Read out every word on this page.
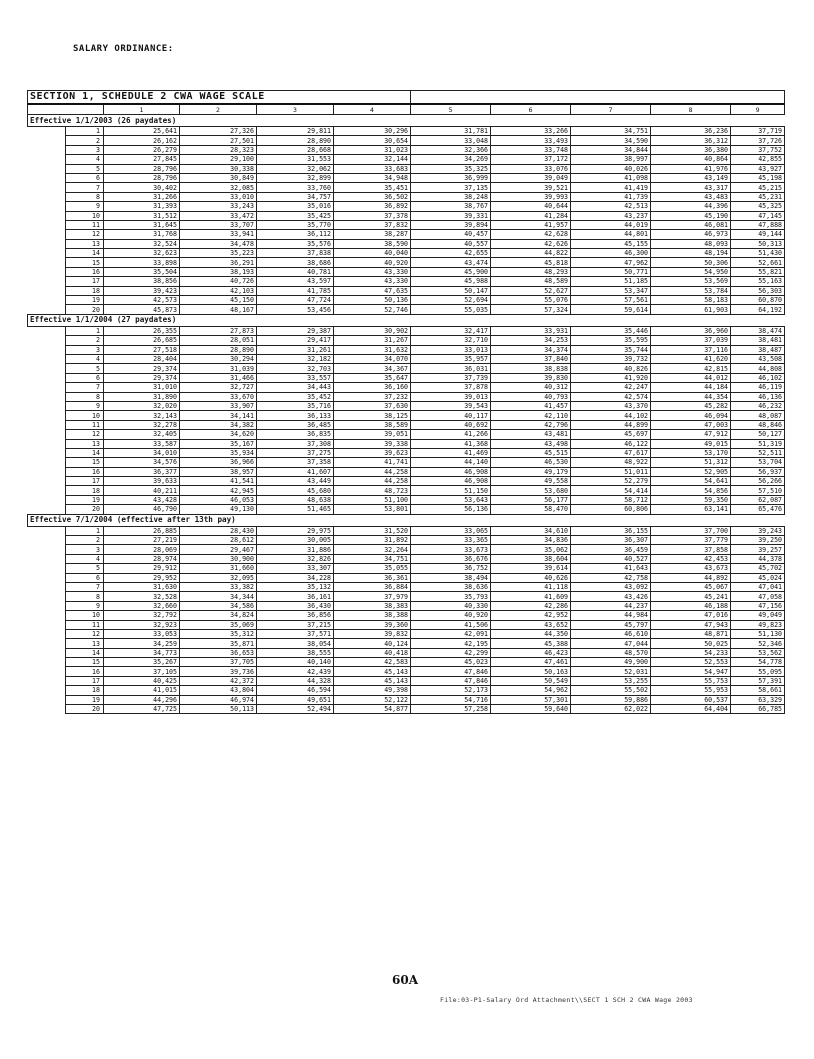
SALARY ORDINANCE:
SECTION 1, SCHEDULE 2 CWA WAGE SCALE										
		1	2	3	4	5	6	7	8	9
Effective 1/1/2003 (26 paydates)										
	1	25,641	27,326	29,811	30,296	31,781	33,266	34,751	36,236	37,719
	2	26,162	27,501	28,890	30,654	33,048	33,493	34,590	36,312	37,726
	3	26,279	28,323	28,668	31,023	32,366	33,748	34,844	36,380	37,752
	4	27,845	29,100	31,553	32,144	34,269	37,172	38,997	40,864	42,855
	5	28,796	30,338	32,062	33,683	35,325	33,076	40,026	41,976	43,927
	6	28,796	30,849	32,899	34,948	36,999	39,049	41,098	43,149	45,198
	7	30,402	32,085	33,760	35,451	37,135	39,521	41,419	43,317	45,215
	8	31,266	33,010	34,757	36,502	38,248	39,993	41,739	43,483	45,231
	9	31,393	33,243	35,016	36,892	38,767	40,644	42,513	44,396	45,325
	10	31,512	33,472	35,425	37,378	39,331	41,284	43,237	45,190	47,145
	11	31,645	33,707	35,770	37,832	39,894	41,957	44,019	46,081	47,888
	12	31,768	33,941	36,112	38,287	40,457	42,628	44,801	46,973	49,144
	13	32,524	34,478	35,576	38,590	40,557	42,626	45,155	48,093	50,313
	14	32,623	35,223	37,838	40,040	42,655	44,822	46,300	48,194	51,430
	15	33,898	36,291	38,686	40,920	43,474	45,818	47,962	50,306	52,661
	16	35,504	38,193	40,781	43,330	45,900	48,293	50,771	54,950	55,821
	17	38,856	40,726	43,597	43,330	45,988	48,589	51,185	53,569	55,163
	18	39,423	42,103	41,785	47,635	50,147	52,627	53,347	53,784	56,303
	19	42,573	45,150	47,724	50,136	52,694	55,076	57,561	58,183	60,870
	20	45,873	48,167	53,456	52,746	55,035	57,324	59,614	61,903	64,192
Effective 1/1/2004 (27 paydates)										
	1	26,355	27,873	29,387	30,902	32,417	33,931	35,446	36,960	38,474
	2	26,685	28,051	29,417	31,267	32,710	34,253	35,595	37,039	38,481
	3	27,518	28,890	31,261	31,632	33,013	34,374	35,744	37,116	38,487
	4	28,404	30,294	32,182	34,070	35,957	37,840	39,732	41,620	43,508
	5	29,374	31,039	32,703	34,367	36,031	38,838	40,826	42,815	44,808
	6	29,374	31,466	33,557	35,647	37,739	39,830	41,920	44,012	46,102
	7	31,010	32,727	34,443	36,160	37,878	40,312	42,247	44,184	46,119
	8	31,890	33,670	35,452	37,232	39,013	40,793	42,574	44,354	46,136
	9	32,020	33,907	35,716	37,630	39,543	41,457	43,370	45,282	46,232
	10	32,143	34,141	36,133	38,125	40,117	42,110	44,102	46,094	48,087
	11	32,278	34,382	36,485	38,589	40,692	42,796	44,899	47,003	48,846
	12	32,405	34,620	36,835	39,051	41,266	43,481	45,697	47,912	50,127
	13	33,587	35,167	37,308	39,338	41,368	43,498	46,122	49,015	51,319
	14	34,010	35,934	37,275	39,623	41,469	45,515	47,617	53,170	52,511
	15	34,576	36,966	37,358	41,741	44,140	46,530	48,922	51,312	53,704
	16	36,377	38,957	41,607	44,258	46,908	49,179	51,011	52,905	56,937
	17	39,633	41,541	43,449	44,258	46,908	49,558	52,279	54,641	56,266
	18	40,211	42,945	45,680	48,723	51,150	53,680	54,414	54,856	57,510
	19	43,428	46,053	48,638	51,100	53,643	56,177	58,712	59,350	62,087
	20	46,790	49,130	51,465	53,801	56,136	58,470	60,806	63,141	65,476
Effective 7/1/2004 (effective after 13th pay)										
	1	26,885	28,430	29,975	31,520	33,065	34,610	36,155	37,700	39,243
	2	27,219	28,612	30,005	31,892	33,365	34,836	36,307	37,779	39,250
	3	28,069	29,467	31,886	32,264	33,673	35,062	36,459	37,858	39,257
	4	28,974	30,900	32,826	34,751	36,676	38,604	40,527	42,453	44,378
	5	29,912	31,660	33,307	35,055	36,752	39,614	41,643	43,673	45,702
	6	29,952	32,095	34,228	36,361	38,494	40,626	42,758	44,892	45,024
	7	31,630	33,382	35,132	36,884	38,636	41,118	43,092	45,067	47,041
	8	32,528	34,344	36,161	37,979	35,793	41,609	43,426	45,241	47,058
	9	32,660	34,586	36,430	38,383	40,330	42,286	44,237	46,188	47,156
	10	32,792	34,824	36,856	38,388	40,920	42,952	44,984	47,016	49,049
	11	32,923	35,069	37,215	39,360	41,506	43,652	45,797	47,943	49,823
	12	33,053	35,312	37,571	39,832	42,091	44,350	46,610	48,871	51,130
	13	34,259	35,871	38,054	40,124	42,195	45,388	47,044	50,025	52,346
	14	34,773	36,653	38,555	40,418	42,299	46,423	48,570	54,233	53,562
	15	35,267	37,705	40,140	42,583	45,023	47,461	49,900	52,553	54,778
	16	37,105	39,736	42,439	45,143	47,846	50,163	52,031	54,947	55,095
	17	40,425	42,372	44,328	45,143	47,846	50,549	53,255	55,753	57,391
	18	41,015	43,804	46,594	49,398	52,173	54,962	55,502	55,953	58,661
	19	44,296	46,974	49,651	52,122	54,716	57,301	59,886	60,537	63,329
	20	47,725	50,113	52,494	54,877	57,258	59,640	62,022	64,404	66,785
60A
File:03-P1-Salary Ord Attachment\\SECT 1 SCH 2 CWA Wage 2003
